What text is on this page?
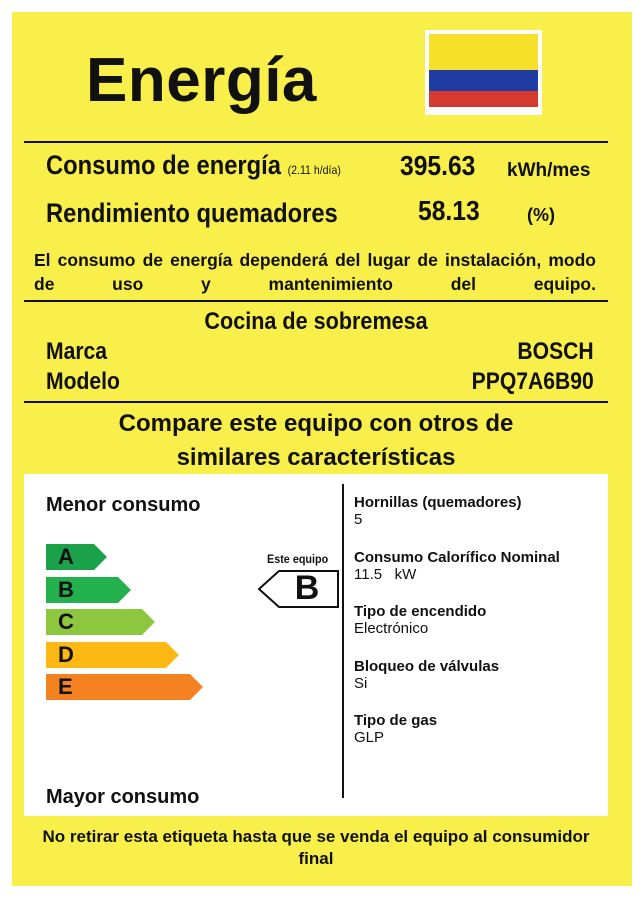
Energía
Consumo de energía (2.11 h/día) 395.63 kWh/mes
Rendimiento quemadores	58.13	(%)
El consumo de energía dependerá del lugar de instalación, modo de uso y mantenimiento del equipo.
Cocina de sobremesa
Marca	BOSCH
Modelo	PPQ7A6B90
Compare este equipo con otros de
similares características
Menor consumo
A
B
C
D
E
Este equipo
B
Mayor consumo
Hornillas (quemadores)
5
Consumo Calorífico Nominal
11.5   kW
Tipo de encendido
Electrónico
Bloqueo de válvulas
Si
Tipo de gas
GLP
No retirar esta etiqueta hasta que se venda el equipo al consumidor final
